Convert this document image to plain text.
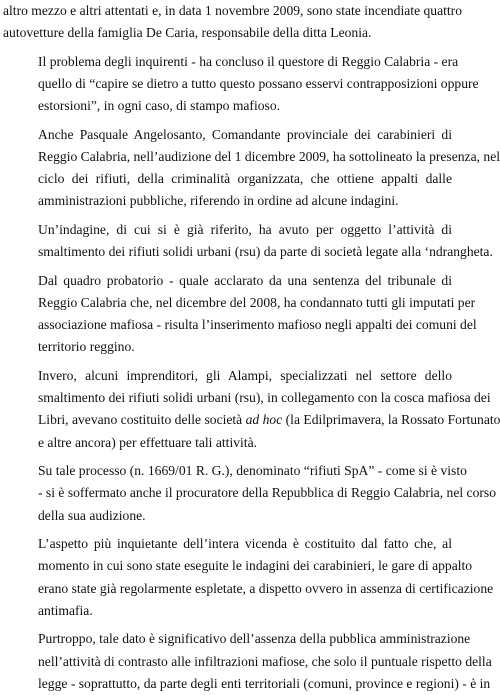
altro mezzo e altri attentati e, in data 1 novembre 2009, sono state incendiate quattro
autovetture della famiglia De Caria, responsabile della ditta Leonia.
Il problema degli inquirenti - ha concluso il questore di Reggio Calabria - era
quello di “capire se dietro a tutto questo possano esservi contrapposizioni oppure
estorsioni”, in ogni caso, di stampo mafioso.
Anche Pasquale Angelosanto, Comandante provinciale dei carabinieri di
Reggio Calabria, nell’audizione del 1 dicembre 2009, ha sottolineato la presenza, nel
ciclo dei rifiuti, della criminalità organizzata, che ottiene appalti dalle
amministrazioni pubbliche, riferendo in ordine ad alcune indagini.
Un’indagine, di cui si è già riferito, ha avuto per oggetto l’attività di
smaltimento dei rifiuti solidi urbani (rsu) da parte di società legate alla ‘ndrangheta.
Dal quadro probatorio - quale acclarato da una sentenza del tribunale di
Reggio Calabria che, nel dicembre del 2008, ha condannato tutti gli imputati per
associazione mafiosa - risulta l’inserimento mafioso negli appalti dei comuni del
territorio reggino.
Invero, alcuni imprenditori, gli Alampi, specializzati nel settore dello
smaltimento dei rifiuti solidi urbani (rsu), in collegamento con la cosca mafiosa dei
Libri, avevano costituito delle società ad hoc (la Edilprimavera, la Rossato Fortunato
e altre ancora) per effettuare tali attività.
Su tale processo (n. 1669/01 R. G.), denominato “rifiuti SpA” - come si è visto
- si è soffermato anche il procuratore della Repubblica di Reggio Calabria, nel corso
della sua audizione.
L’aspetto più inquietante dell’intera vicenda è costituito dal fatto che, al
momento in cui sono state eseguite le indagini dei carabinieri, le gare di appalto
erano state già regolarmente espletate, a dispetto ovvero in assenza di certificazione
antimafia.
Purtroppo, tale dato è significativo dell’assenza della pubblica amministrazione
nell’attività di contrasto alle infiltrazioni mafiose, che solo il puntuale rispetto della
legge - soprattutto, da parte degli enti territoriali (comuni, province e regioni) - è in
